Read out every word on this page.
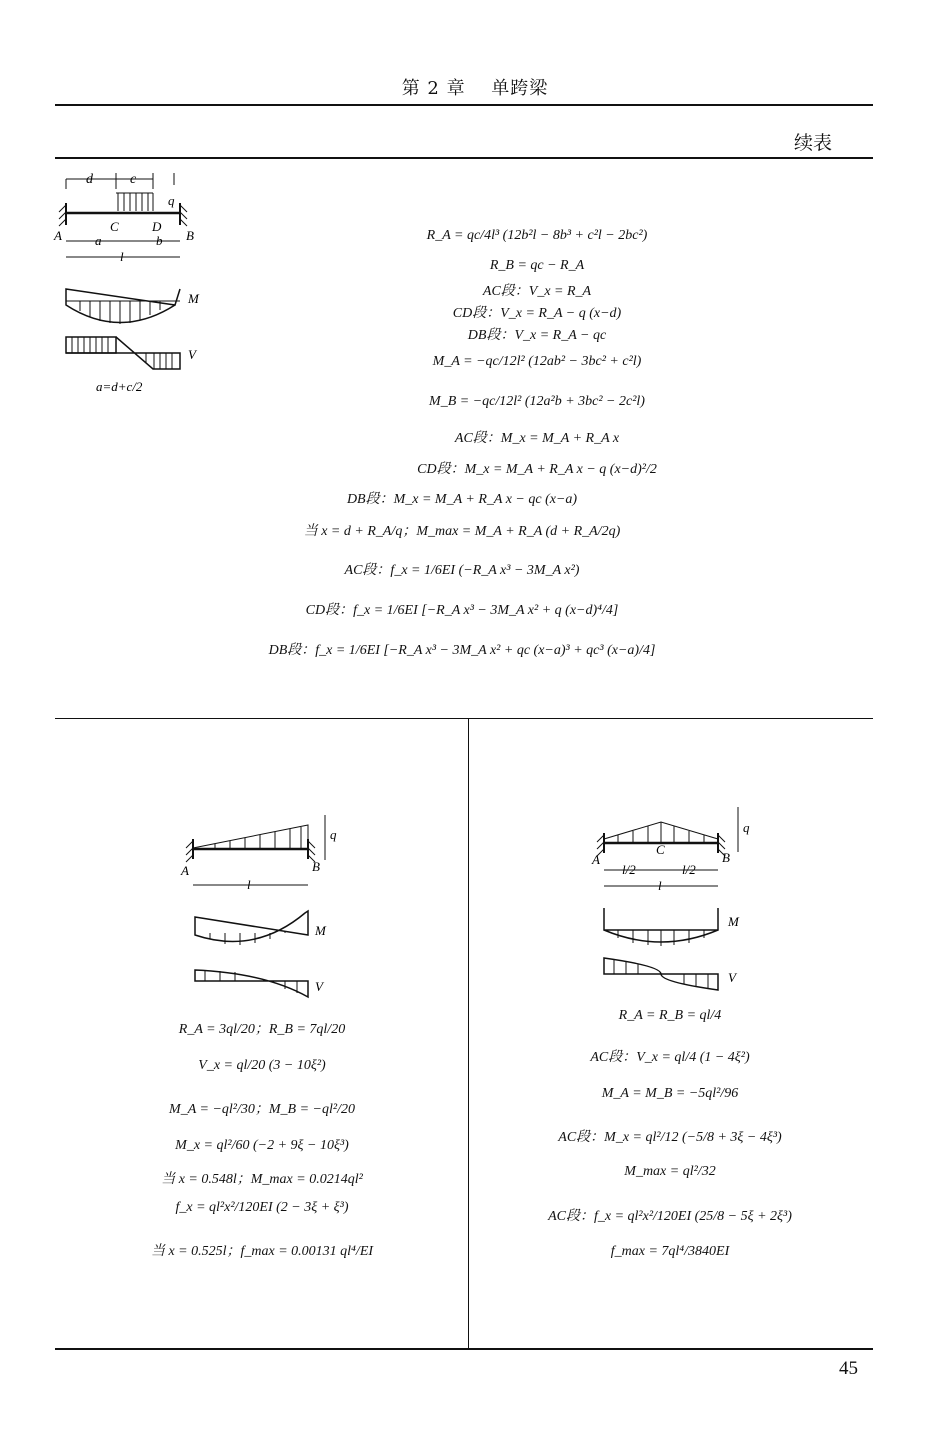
第 2 章　 单跨梁
续表
d	c
q
A
C	D
B
a	b
l
M
V
a=d+c/2
R_A = qc/4l³ (12b²l − 8b³ + c²l − 2bc²)
R_B = qc − R_A
AC段：V_x = R_A
CD段：V_x = R_A − q (x−d)
DB段：V_x = R_A − qc
M_A = −qc/12l² (12ab² − 3bc² + c²l)
M_B = −qc/12l² (12a²b + 3bc² − 2c²l)
AC段：M_x = M_A + R_A x
CD段：M_x = M_A + R_A x − q (x−d)²/2
DB段：M_x = M_A + R_A x − qc (x−a)
当 x = d + R_A/q；M_max = M_A + R_A (d + R_A/2q)
AC段：f_x = 1/6EI (−R_A x³ − 3M_A x²)
CD段：f_x = 1/6EI [−R_A x³ − 3M_A x² + q (x−d)⁴/4]
DB段：f_x = 1/6EI [−R_A x³ − 3M_A x² + qc (x−a)³ + qc³ (x−a)/4]
q
A	B
l
M
V
R_A = 3ql/20；R_B = 7ql/20
V_x = ql/20 (3 − 10ξ²)
M_A = −ql²/30；M_B = −ql²/20
M_x = ql²/60 (−2 + 9ξ − 10ξ³)
当 x = 0.548l；M_max = 0.0214ql²
f_x = ql²x²/120EI (2 − 3ξ + ξ³)
当 x = 0.525l；f_max = 0.00131 ql⁴/EI
q
A
C
B
l/2	l/2
l
M
V
R_A = R_B = ql/4
AC段：V_x = ql/4 (1 − 4ξ²)
M_A = M_B = −5ql²/96
AC段：M_x = ql²/12 (−5/8 + 3ξ − 4ξ³)
M_max = ql²/32
AC段：f_x = ql²x²/120EI (25/8 − 5ξ + 2ξ³)
f_max = 7ql⁴/3840EI
45
